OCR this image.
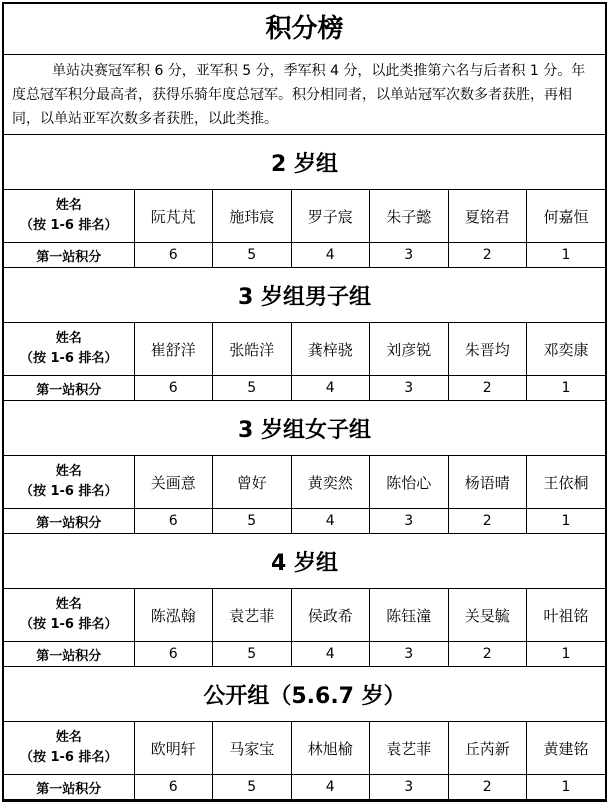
积分榜
单站决赛冠军积 6 分，亚军积 5 分，季军积 4 分，以此类推第六名与后者积 1 分。年度总冠军积分最高者，获得乐骑年度总冠军。积分相同者，以单站冠军次数多者获胜，再相同，以单站亚军次数多者获胜，以此类推。
2 岁组						

姓名
（按 1-6 排名）	阮芃芃	施玮宸	罗子宸	朱子懿	夏铭君	何嘉恒
第一站积分	6	5	4	3	2	1
3 岁组男子组						

姓名
（按 1-6 排名）	崔舒洋	张皓洋	龚梓骁	刘彦锐	朱晋均	邓奕康
第一站积分	6	5	4	3	2	1
3 岁组女子组						

姓名
（按 1-6 排名）	关画意	曾好	黄奕然	陈怡心	杨语晴	王依桐
第一站积分	6	5	4	3	2	1
4 岁组						

姓名
（按 1-6 排名）	陈泓翰	袁艺菲	侯政希	陈钰潼	关旻毓	叶祖铭
第一站积分	6	5	4	3	2	1
公开组（5.6.7 岁）						

姓名
（按 1-6 排名）	欧明轩	马家宝	林旭榆	袁艺菲	丘芮新	黄建铭
第一站积分	6	5	4	3	2	1
